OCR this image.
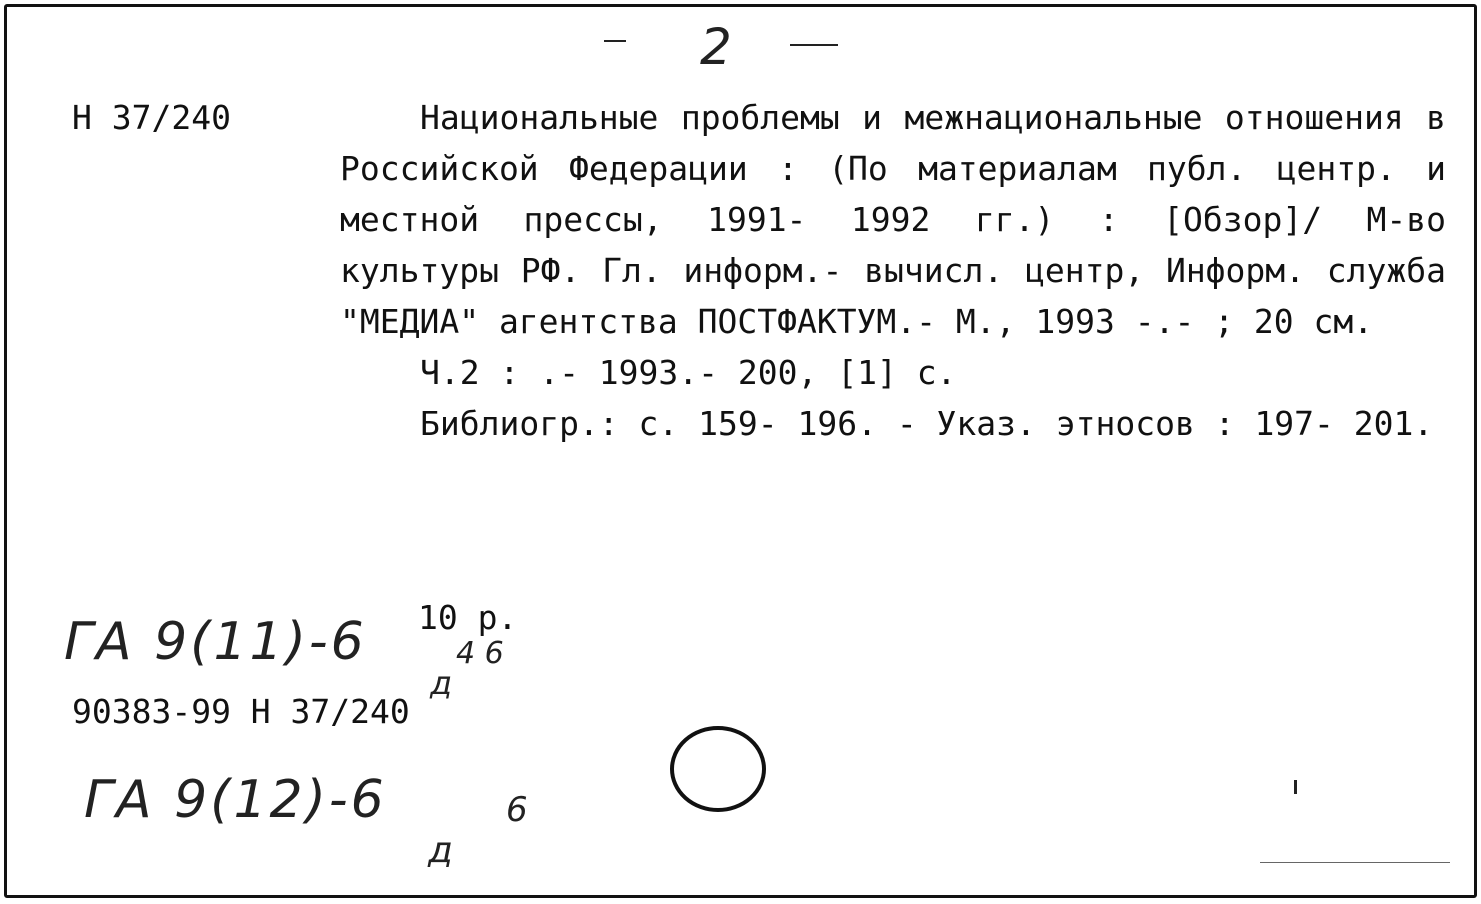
2
Н 37/240	Национальные проблемы и межнациональные отношения в Российской Федерации : (По материалам публ. центр. и местной прессы, 1991- 1992 гг.) : [Обзор]/ М-во культуры РФ. Гл. информ.- вычисл. центр, Информ. служба "МЕДИА" агентства ПОСТФАКТУМ.- М., 1993 -.- ; 20 см.

Ч.2 : .- 1993.- 200, [1] с.

Библиогр.: с. 159- 196. - Указ. этносов : 197- 201.

10 р.
ГА 9(11)-6	4 6
д
90383-99 Н 37/240
ГА 9(12)-6	6
д
